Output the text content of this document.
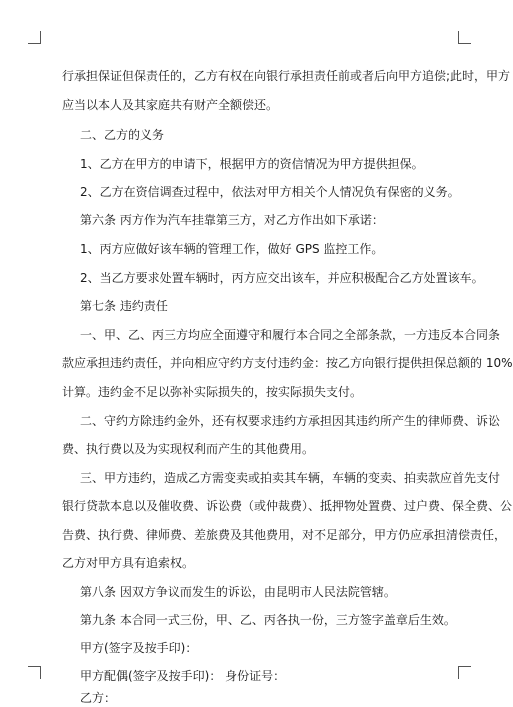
行承担保证但保责任的，乙方有权在向银行承担责任前或者后向甲方追偿;此时，甲方
应当以本人及其家庭共有财产全额偿还。
二、乙方的义务
1、乙方在甲方的申请下，根据甲方的资信情况为甲方提供担保。
2、乙方在资信调查过程中，依法对甲方相关个人情况负有保密的义务。
第六条 丙方作为汽车挂靠第三方，对乙方作出如下承诺：
1、丙方应做好该车辆的管理工作，做好 GPS 监控工作。
2、当乙方要求处置车辆时，丙方应交出该车，并应积极配合乙方处置该车。
第七条 违约责任
一、甲、乙、丙三方均应全面遵守和履行本合同之全部条款，一方违反本合同条
款应承担违约责任，并向相应守约方支付违约金：按乙方向银行提供担保总额的 10%
计算。违约金不足以弥补实际损失的，按实际损失支付。
二、守约方除违约金外，还有权要求违约方承担因其违约所产生的律师费、诉讼
费、执行费以及为实现权利而产生的其他费用。
三、甲方违约，造成乙方需变卖或拍卖其车辆，车辆的变卖、拍卖款应首先支付
银行贷款本息以及催收费、诉讼费（或仲裁费）、抵押物处置费、过户费、保全费、公
告费、执行费、律师费、差旅费及其他费用，对不足部分，甲方仍应承担清偿责任，
乙方对甲方具有追索权。
第八条 因双方争议而发生的诉讼，由昆明市人民法院管辖。
第九条 本合同一式三份，甲、乙、丙各执一份，三方签字盖章后生效。
甲方(签字及按手印)：
甲方配偶(签字及按手印)： 身份证号：
乙方：
